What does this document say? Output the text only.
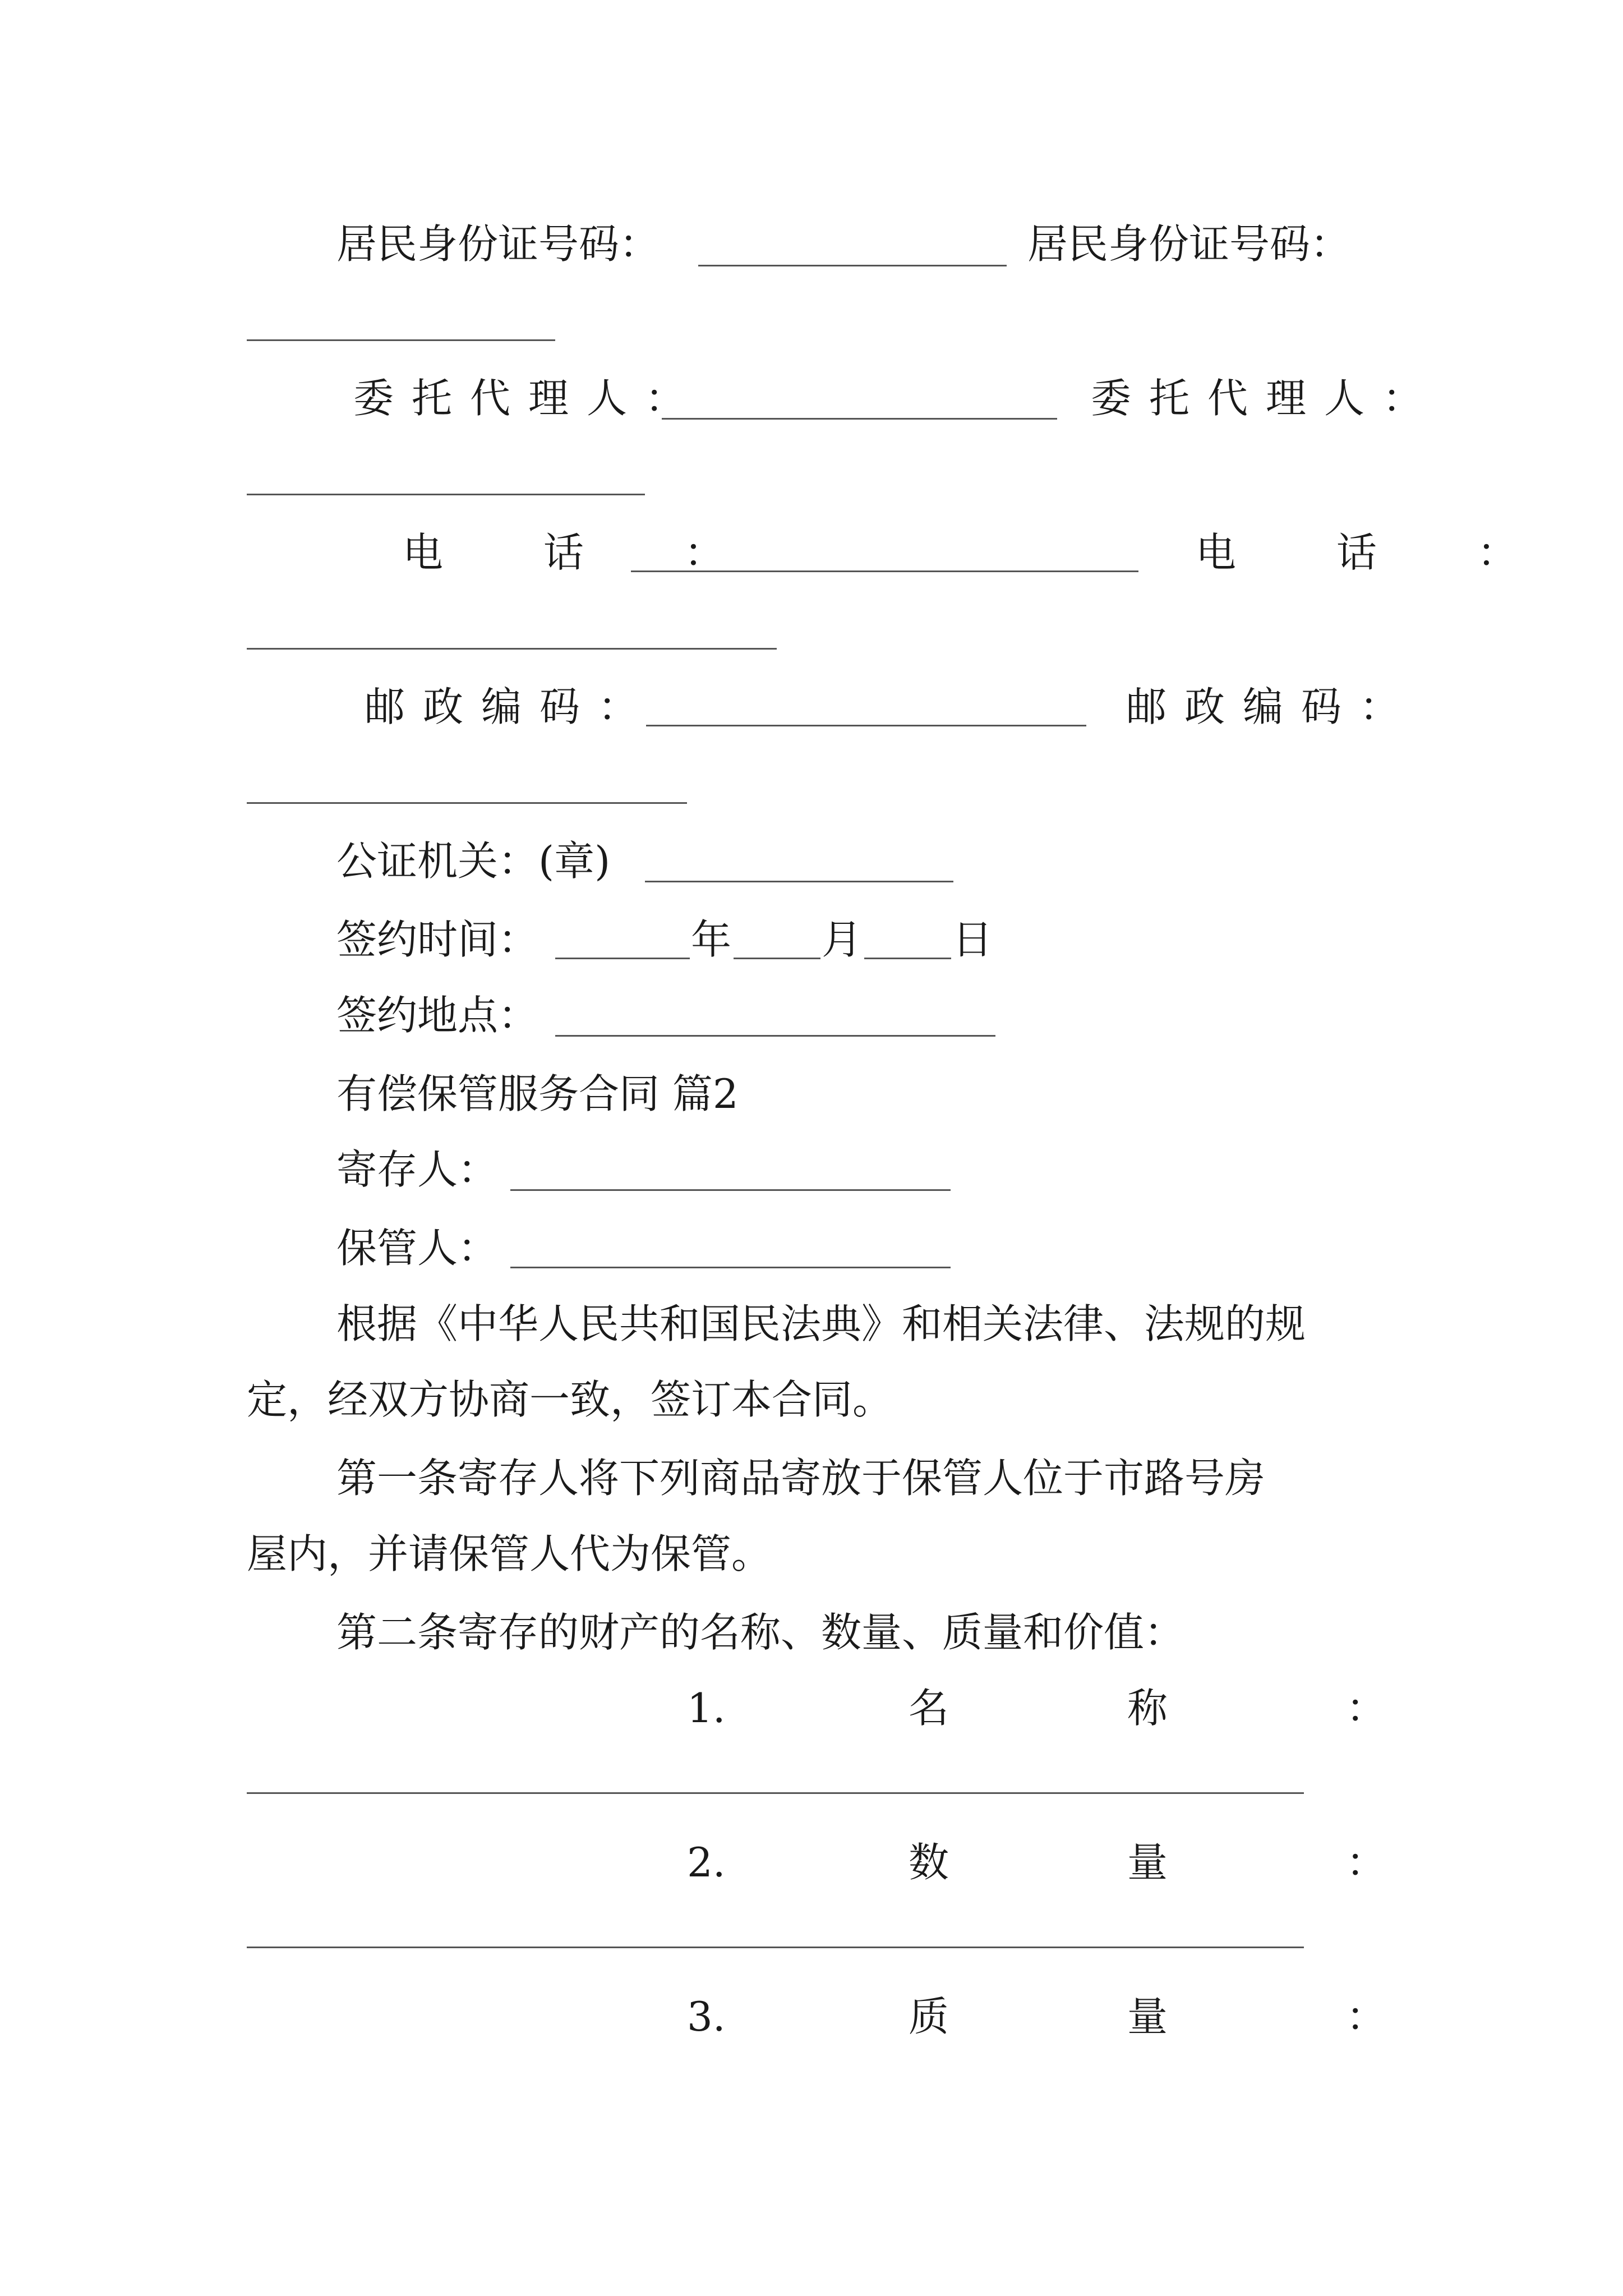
居民身份证号码：	居民身份证号码：
委托代理人：	委托代理人：
电 话 ：	电 话 ：
邮政编码：	邮政编码：
公证机关：(章)
签约时间：	年 月 日
签约地点：
有偿保管服务合同 篇2
寄存人：
保管人：
根据《中华人民共和国民法典》和相关法律、法规的规
定，经双方协商一致，签订本合同。
第一条寄存人将下列商品寄放于保管人位于市路号房
屋内，并请保管人代为保管。
第二条寄存的财产的名称、数量、质量和价值：
1.	名	称	：
2.	数	量	：
3.	质	量	：
